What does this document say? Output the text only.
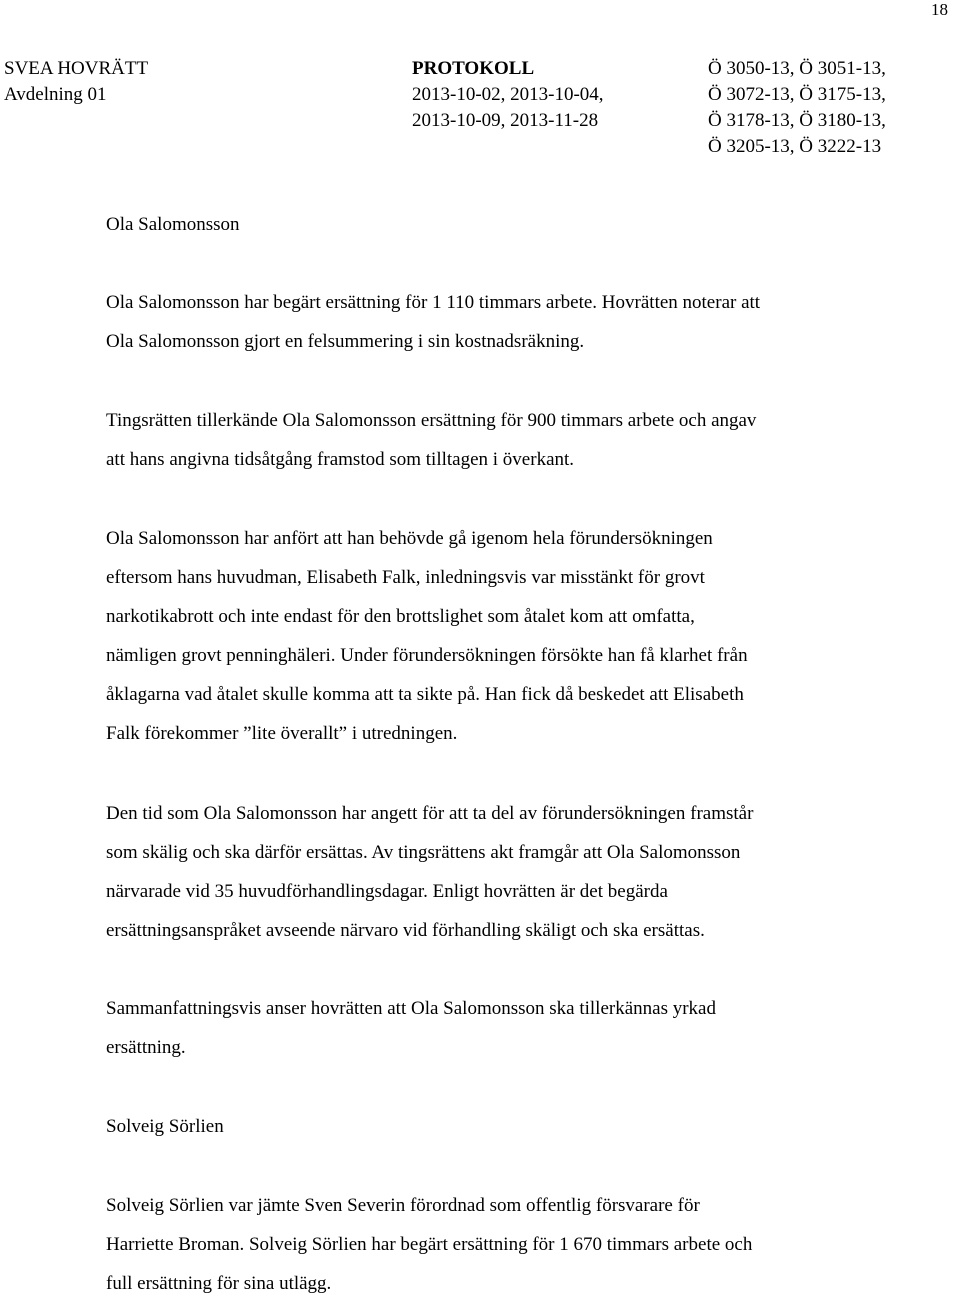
18
SVEA HOVRÄTT
Avdelning 01
PROTOKOLL
2013-10-02, 2013-10-04,
2013-10-09, 2013-11-28
Ö 3050-13, Ö 3051-13,
Ö 3072-13, Ö 3175-13,
Ö 3178-13, Ö 3180-13,
Ö 3205-13, Ö 3222-13

Ola Salomonsson

Ola Salomonsson har begärt ersättning för 1 110 timmars arbete. Hovrätten noterar att

Ola Salomonsson gjort en felsummering i sin kostnadsräkning.

Tingsrätten tillerkände Ola Salomonsson ersättning för 900 timmars arbete och angav

att hans angivna tidsåtgång framstod som tilltagen i överkant.

Ola Salomonsson har anfört att han behövde gå igenom hela förundersökningen

eftersom hans huvudman, Elisabeth Falk, inledningsvis var misstänkt för grovt

narkotikabrott och inte endast för den brottslighet som åtalet kom att omfatta,

nämligen grovt penninghäleri. Under förundersökningen försökte han få klarhet från

åklagarna vad åtalet skulle komma att ta sikte på. Han fick då beskedet att Elisabeth

Falk förekommer ”lite överallt” i utredningen.

Den tid som Ola Salomonsson har angett för att ta del av förundersökningen framstår

som skälig och ska därför ersättas. Av tingsrättens akt framgår att Ola Salomonsson

närvarade vid 35 huvudförhandlingsdagar. Enligt hovrätten är det begärda

ersättningsanspråket avseende närvaro vid förhandling skäligt och ska ersättas.

Sammanfattningsvis anser hovrätten att Ola Salomonsson ska tillerkännas yrkad

ersättning.

Solveig Sörlien

Solveig Sörlien var jämte Sven Severin förordnad som offentlig försvarare för

Harriette Broman. Solveig Sörlien har begärt ersättning för 1 670 timmars arbete och

full ersättning för sina utlägg.
